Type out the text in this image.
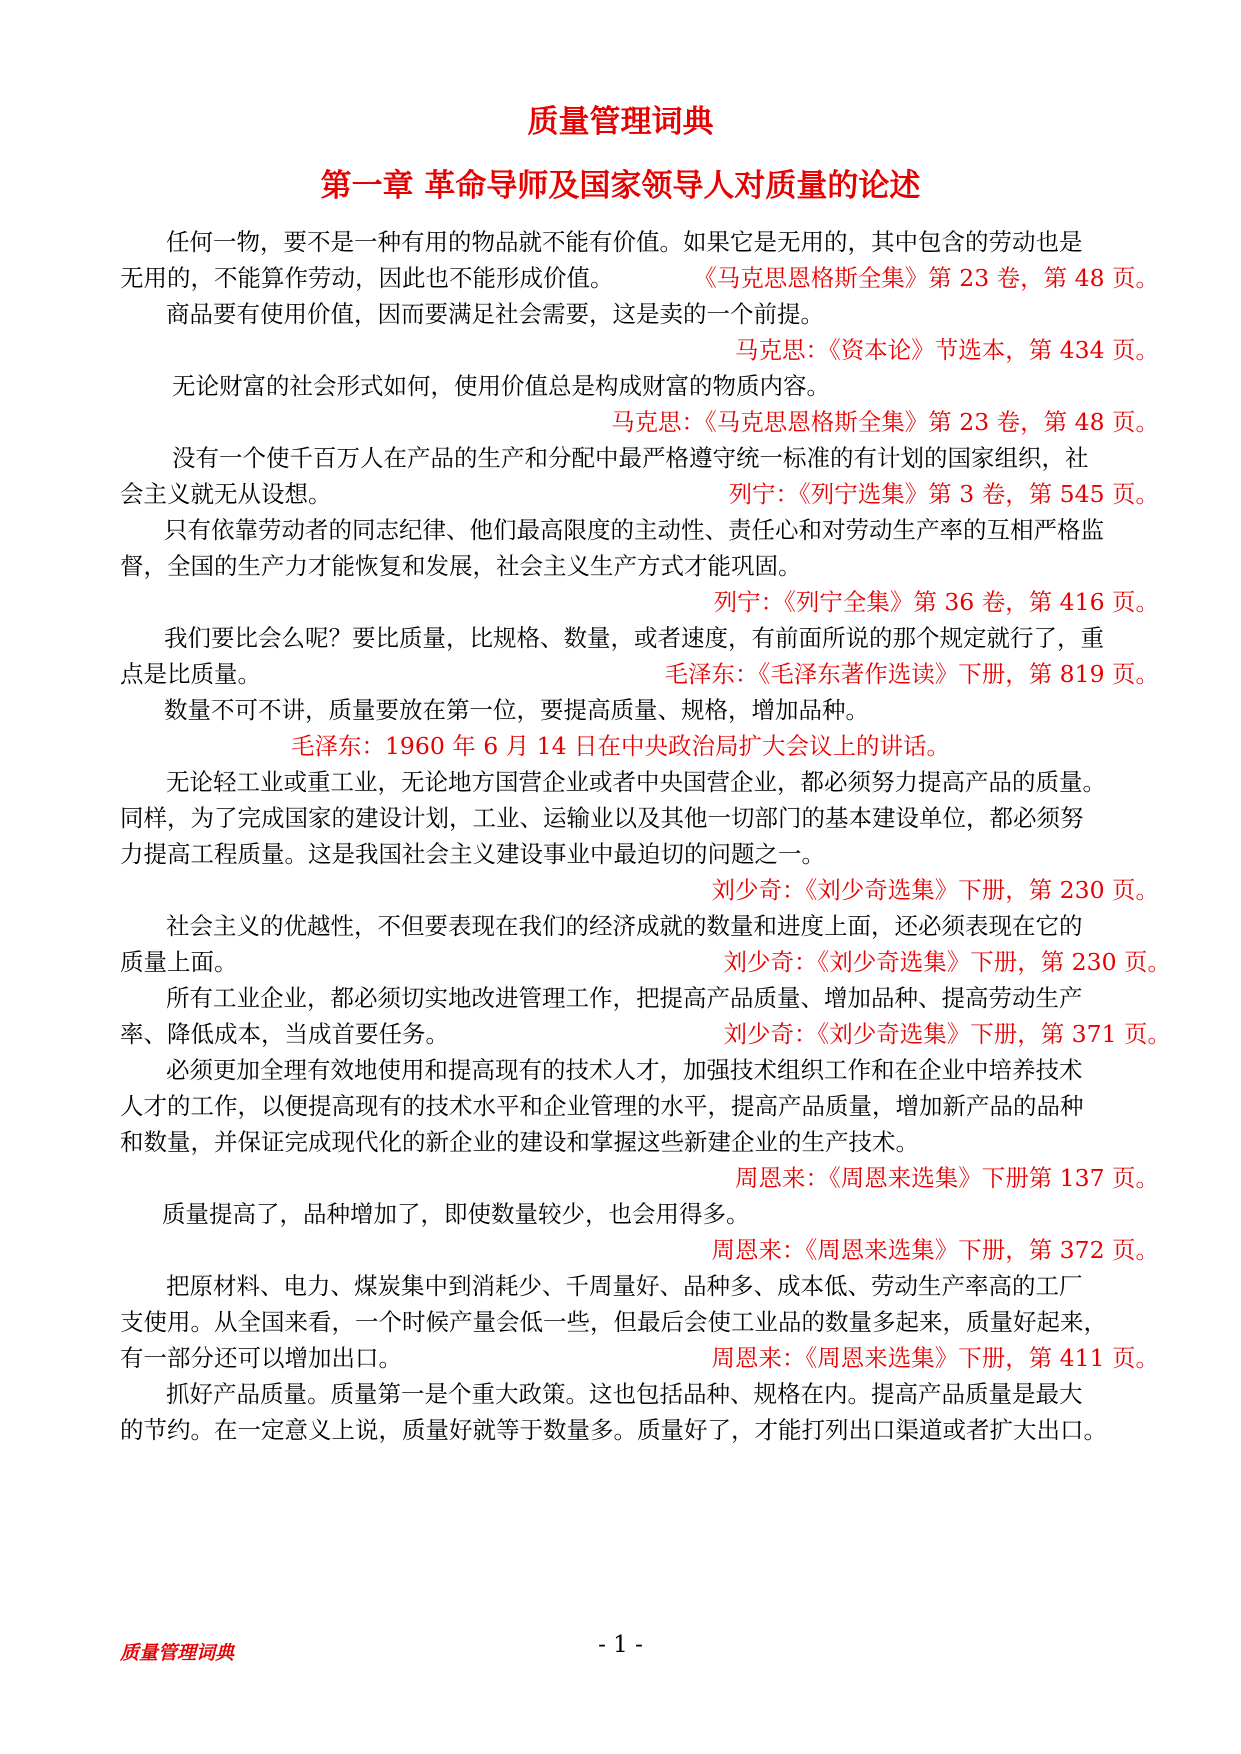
质量管理词典
第一章 革命导师及国家领导人对质量的论述
任何一物，要不是一种有用的物品就不能有价值。如果它是无用的，其中包含的劳动也是
无用的，不能算作劳动，因此也不能形成价值。	《马克思恩格斯全集》第 23 卷，第 48 页。
商品要有使用价值，因而要满足社会需要，这是卖的一个前提。
马克思：《资本论》节选本，第 434 页。
无论财富的社会形式如何，使用价值总是构成财富的物质内容。
马克思：《马克思恩格斯全集》第 23 卷，第 48 页。
没有一个使千百万人在产品的生产和分配中最严格遵守统一标准的有计划的国家组织，社
会主义就无从设想。	列宁：《列宁选集》第 3 卷，第 545 页。
只有依靠劳动者的同志纪律、他们最高限度的主动性、责任心和对劳动生产率的互相严格监
督，全国的生产力才能恢复和发展，社会主义生产方式才能巩固。
列宁：《列宁全集》第 36 卷，第 416 页。
我们要比会么呢？要比质量，比规格、数量，或者速度，有前面所说的那个规定就行了，重
点是比质量。	毛泽东：《毛泽东著作选读》下册，第 819 页。
数量不可不讲，质量要放在第一位，要提高质量、规格，增加品种。
毛泽东：1960 年 6 月 14 日在中央政治局扩大会议上的讲话。
无论轻工业或重工业，无论地方国营企业或者中央国营企业，都必须努力提高产品的质量。
同样，为了完成国家的建设计划，工业、运输业以及其他一切部门的基本建设单位，都必须努
力提高工程质量。这是我国社会主义建设事业中最迫切的问题之一。
刘少奇：《刘少奇选集》下册，第 230 页。
社会主义的优越性，不但要表现在我们的经济成就的数量和进度上面，还必须表现在它的
质量上面。	刘少奇：《刘少奇选集》下册，第 230 页。
所有工业企业，都必须切实地改进管理工作，把提高产品质量、增加品种、提高劳动生产
率、降低成本，当成首要任务。	刘少奇：《刘少奇选集》下册，第 371 页。
必须更加全理有效地使用和提高现有的技术人才，加强技术组织工作和在企业中培养技术
人才的工作，以便提高现有的技术水平和企业管理的水平，提高产品质量，增加新产品的品种
和数量，并保证完成现代化的新企业的建设和掌握这些新建企业的生产技术。
周恩来：《周恩来选集》下册第 137 页。
质量提高了，品种增加了，即使数量较少，也会用得多。
周恩来：《周恩来选集》下册，第 372 页。
把原材料、电力、煤炭集中到消耗少、千周量好、品种多、成本低、劳动生产率高的工厂
支使用。从全国来看，一个时候产量会低一些，但最后会使工业品的数量多起来，质量好起来，
有一部分还可以增加出口。	周恩来：《周恩来选集》下册，第 411 页。
抓好产品质量。质量第一是个重大政策。这也包括品种、规格在内。提高产品质量是最大
的节约。在一定意义上说，质量好就等于数量多。质量好了，才能打列出口渠道或者扩大出口。
质量管理词典	- 1 -
